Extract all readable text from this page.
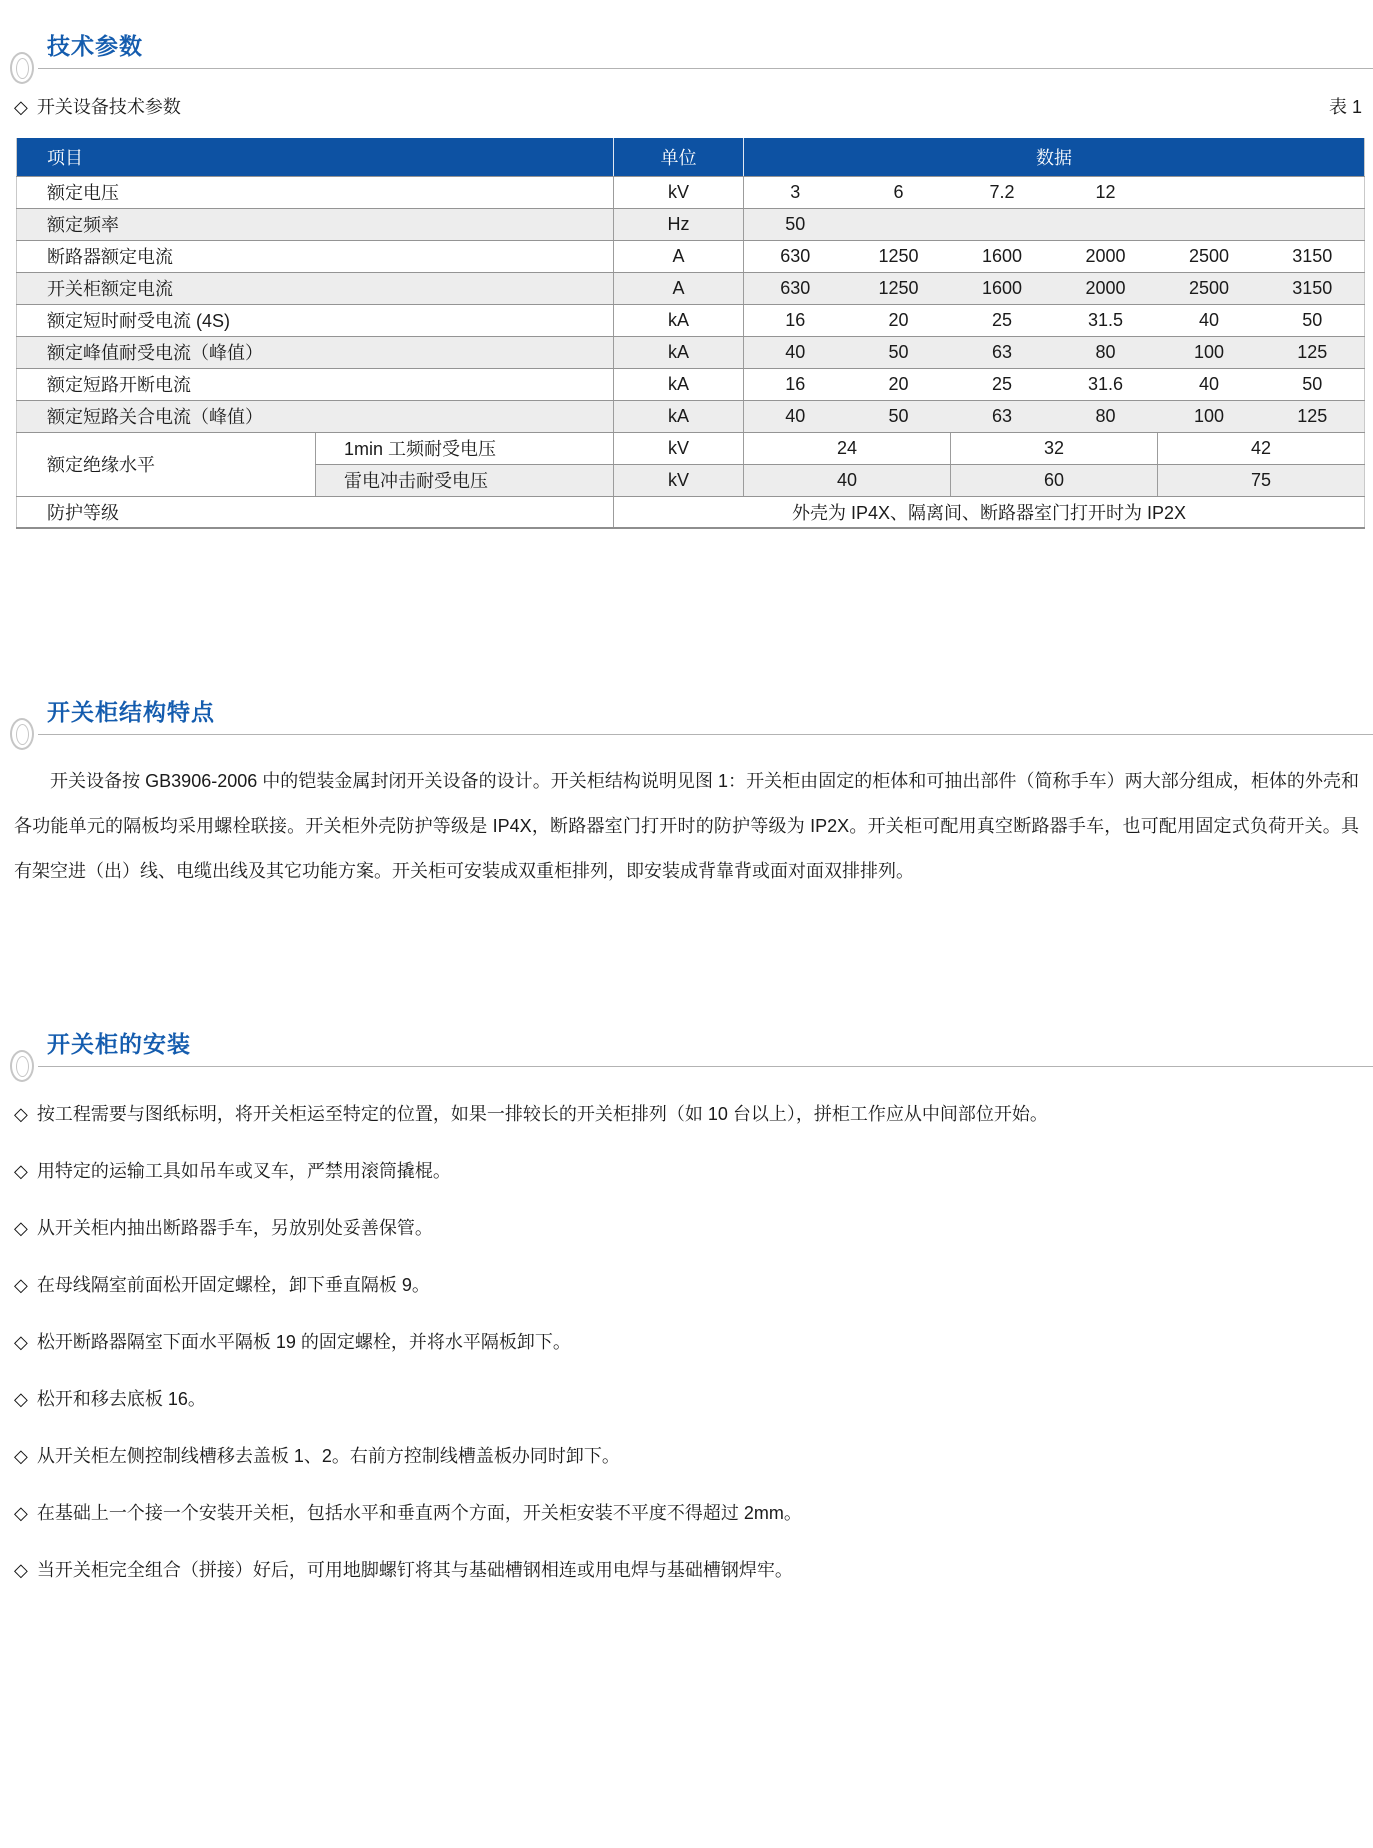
技术参数
◇ 开关设备技术参数	表 1
项目		单位	数据					
额定电压		kV	3	6	7.2	12		
额定频率		Hz	50					
断路器额定电流		A	630	1250	1600	2000	2500	3150
开关柜额定电流		A	630	1250	1600	2000	2500	3150
额定短时耐受电流 (4S)		kA	16	20	25	31.5	40	50
额定峰值耐受电流（峰值）		kA	40	50	63	80	100	125
额定短路开断电流		kA	16	20	25	31.6	40	50
额定短路关合电流（峰值）		kA	40	50	63	80	100	125
额定绝缘水平	1min 工频耐受电压	kV	24		32		42	
	雷电冲击耐受电压	kV	40		60		75	
防护等级		外壳为 IP4X、隔离间、断路器室门打开时为 IP2X						
开关柜结构特点

开关设备按 GB3906-2006 中的铠装金属封闭开关设备的设计。开关柜结构说明见图 1：开关柜由固定的柜体和可抽出部件（简称手车）两大部分组成，柜体的外壳和各功能单元的隔板均采用螺栓联接。开关柜外壳防护等级是 IP4X，断路器室门打开时的防护等级为 IP2X。开关柜可配用真空断路器手车，也可配用固定式负荷开关。具有架空进（出）线、电缆出线及其它功能方案。开关柜可安装成双重柜排列，即安装成背靠背或面对面双排排列。

开关柜的安装
◇ 按工程需要与图纸标明，将开关柜运至特定的位置，如果一排较长的开关柜排列（如 10 台以上），拼柜工作应从中间部位开始。
◇ 用特定的运输工具如吊车或叉车，严禁用滚筒撬棍。
◇ 从开关柜内抽出断路器手车，另放别处妥善保管。
◇ 在母线隔室前面松开固定螺栓，卸下垂直隔板 9。
◇ 松开断路器隔室下面水平隔板 19 的固定螺栓，并将水平隔板卸下。
◇ 松开和移去底板 16。
◇ 从开关柜左侧控制线槽移去盖板 1、2。右前方控制线槽盖板办同时卸下。
◇ 在基础上一个接一个安装开关柜，包括水平和垂直两个方面，开关柜安装不平度不得超过 2mm。
◇ 当开关柜完全组合（拼接）好后，可用地脚螺钉将其与基础槽钢相连或用电焊与基础槽钢焊牢。
